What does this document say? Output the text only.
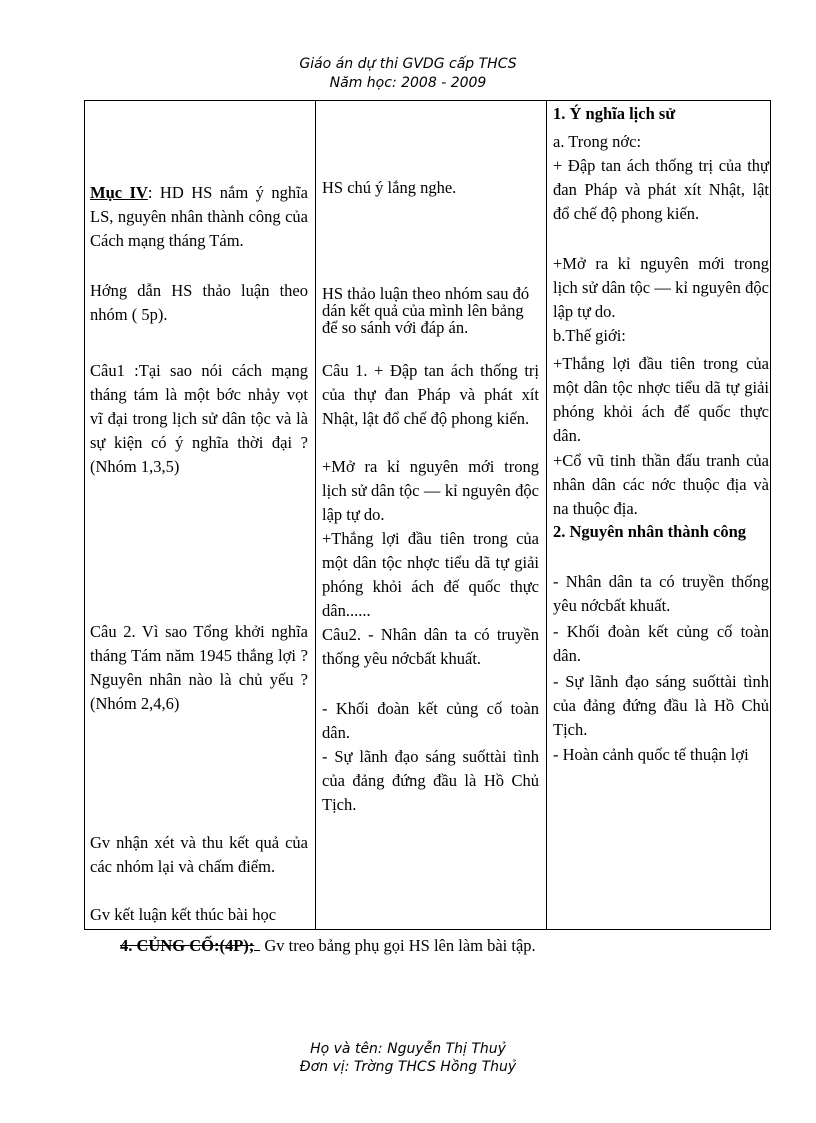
Giáo án dự thi GVDG cấp THCS
Năm học: 2008 - 2009

Mục IV: HD HS nắm ý nghĩa LS, nguyên nhân thành công của Cách mạng tháng Tám.

Hớng dẫn HS thảo luận theo nhóm ( 5p).

Câu1 :Tại sao nói cách mạng tháng tám là một bớc nhảy vọt vĩ đại trong lịch sử dân tộc và là sự kiện có ý nghĩa thời đại ?(Nhóm 1,3,5)

Câu 2. Vì sao Tổng khởi nghĩa tháng Tám năm 1945 thắng lợi ? Nguyên nhân nào là chủ yếu ?(Nhóm 2,4,6)

Gv nhận xét và thu kết quả của các nhóm lại và chấm điểm.

Gv kết luận kết thúc bài học

HS chú ý lắng nghe.

HS thảo luận theo nhóm sau đó dán kết quả của mình lên bảng để so sánh với đáp án.

Câu 1. + Đập tan ách thống trị của thự đan Pháp và phát xít Nhật, lật đổ chế độ phong kiến.

+Mở ra kỉ nguyên mới trong lịch sử dân tộc — kỉ nguyên độc lập tự do.

+Thắng lợi đầu tiên trong của một dân tộc nhợc tiểu dã tự giải phóng khỏi ách đế quốc thực dân......

Câu2. - Nhân dân ta có truyền thống yêu nớcbất khuất.

- Khối đoàn kết củng cố toàn dân.

- Sự lãnh đạo sáng suốttài tình của đảng đứng đầu là Hồ Chủ Tịch.

1. Ý nghĩa lịch sử

a. Trong nớc:

+ Đập tan ách thống trị của thự đan Pháp và phát xít Nhật, lật đổ chế độ phong kiến.

+Mở ra kỉ nguyên mới trong lịch sử dân tộc — kỉ nguyên độc lập tự do.

b.Thế giới:

+Thắng lợi đầu tiên trong của một dân tộc nhợc tiểu dã tự giải phóng khỏi ách đế quốc thực dân.

+Cổ vũ tinh thần đấu tranh của nhân dân các nớc thuộc địa và na thuộc địa.

2. Nguyên nhân thành công

- Nhân dân ta có truyền thống yêu nớcbất khuất.

- Khối đoàn kết củng cố toàn dân.

- Sự lãnh đạo sáng suốttài tình của đảng đứng đầu là Hồ Chủ Tịch.

- Hoàn cảnh quốc tế thuận lợi

4. CỦNG CỐ:(4P); Gv treo bảng phụ gọi HS lên làm bài tập.

Họ và tên: Nguyễn Thị Thuỷ
Đơn vị: Trờng THCS Hồng Thuỷ
